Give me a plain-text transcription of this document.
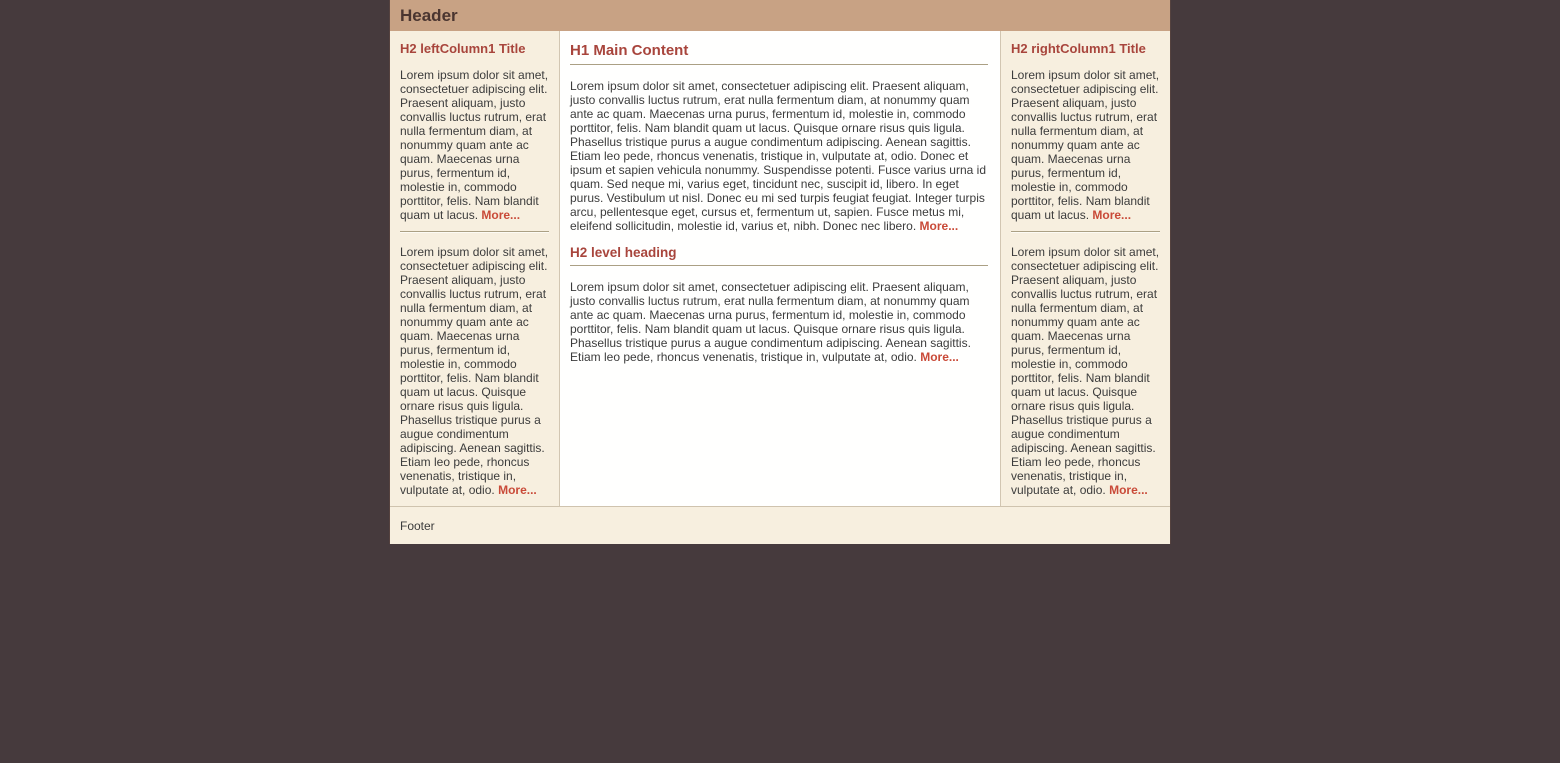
Header
H2 leftColumn1 Title

Lorem ipsum dolor sit amet, consectetuer adipiscing elit. Praesent aliquam, justo convallis luctus rutrum, erat nulla fermentum diam, at nonummy quam ante ac quam. Maecenas urna purus, fermentum id, molestie in, commodo porttitor, felis. Nam blandit quam ut lacus. More...

Lorem ipsum dolor sit amet, consectetuer adipiscing elit. Praesent aliquam, justo convallis luctus rutrum, erat nulla fermentum diam, at nonummy quam ante ac quam. Maecenas urna purus, fermentum id, molestie in, commodo porttitor, felis. Nam blandit quam ut lacus. Quisque ornare risus quis ligula. Phasellus tristique purus a augue condimentum adipiscing. Aenean sagittis. Etiam leo pede, rhoncus venenatis, tristique in, vulputate at, odio. More...

H1 Main Content

Lorem ipsum dolor sit amet, consectetuer adipiscing elit. Praesent aliquam, justo convallis luctus rutrum, erat nulla fermentum diam, at nonummy quam ante ac quam. Maecenas urna purus, fermentum id, molestie in, commodo porttitor, felis. Nam blandit quam ut lacus. Quisque ornare risus quis ligula. Phasellus tristique purus a augue condimentum adipiscing. Aenean sagittis. Etiam leo pede, rhoncus venenatis, tristique in, vulputate at, odio. Donec et ipsum et sapien vehicula nonummy. Suspendisse potenti. Fusce varius urna id quam. Sed neque mi, varius eget, tincidunt nec, suscipit id, libero. In eget purus. Vestibulum ut nisl. Donec eu mi sed turpis feugiat feugiat. Integer turpis arcu, pellentesque eget, cursus et, fermentum ut, sapien. Fusce metus mi, eleifend sollicitudin, molestie id, varius et, nibh. Donec nec libero. More...

H2 level heading

Lorem ipsum dolor sit amet, consectetuer adipiscing elit. Praesent aliquam, justo convallis luctus rutrum, erat nulla fermentum diam, at nonummy quam ante ac quam. Maecenas urna purus, fermentum id, molestie in, commodo porttitor, felis. Nam blandit quam ut lacus. Quisque ornare risus quis ligula. Phasellus tristique purus a augue condimentum adipiscing. Aenean sagittis. Etiam leo pede, rhoncus venenatis, tristique in, vulputate at, odio. More...

H2 rightColumn1 Title

Lorem ipsum dolor sit amet, consectetuer adipiscing elit. Praesent aliquam, justo convallis luctus rutrum, erat nulla fermentum diam, at nonummy quam ante ac quam. Maecenas urna purus, fermentum id, molestie in, commodo porttitor, felis. Nam blandit quam ut lacus. More...

Lorem ipsum dolor sit amet, consectetuer adipiscing elit. Praesent aliquam, justo convallis luctus rutrum, erat nulla fermentum diam, at nonummy quam ante ac quam. Maecenas urna purus, fermentum id, molestie in, commodo porttitor, felis. Nam blandit quam ut lacus. Quisque ornare risus quis ligula. Phasellus tristique purus a augue condimentum adipiscing. Aenean sagittis. Etiam leo pede, rhoncus venenatis, tristique in, vulputate at, odio. More...

Footer
